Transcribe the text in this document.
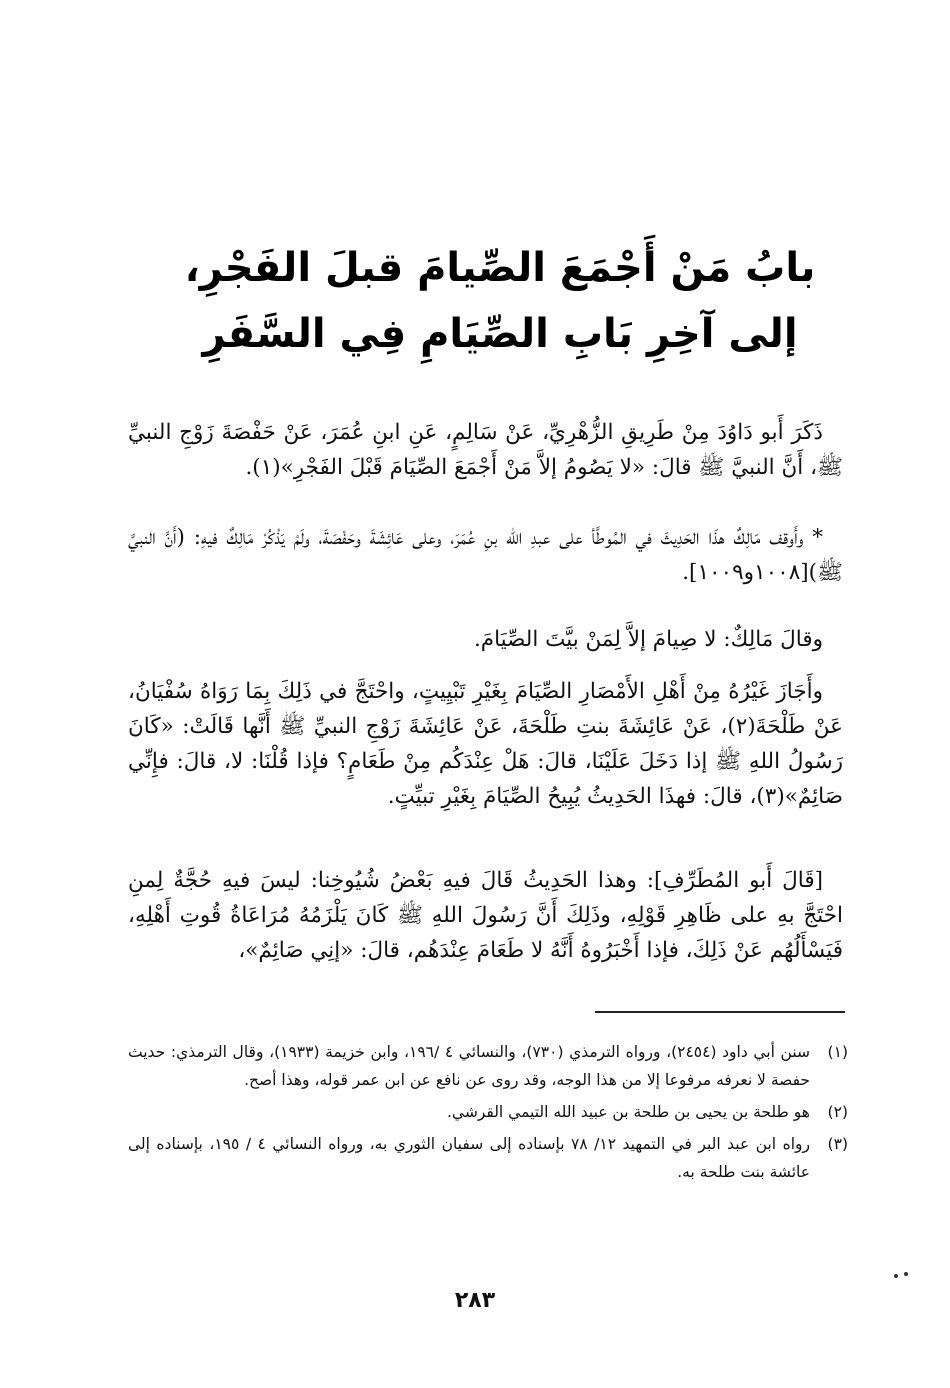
بابُ مَنْ أَجْمَعَ الصِّيامَ قبلَ الفَجْرِ،
إلى آخِرِ بَابِ الصِّيَامِ فِي السَّفَرِ

ذَكَرَ أَبو دَاوُدَ مِنْ طَرِيقِ الزُّهْرِيِّ، عَنْ سَالِمٍ، عَنِ ابنِ عُمَرَ، عَنْ حَفْصَةَ زَوْجِ النبيِّ ﷺ، أَنَّ النبيَّ ﷺ قالَ: «لا يَصُومُ إلاَّ مَنْ أَجْمَعَ الصِّيَامَ قَبْلَ الفَجْرِ»(١).

* وأَوقف مَالِكٌ هذَا الحَدِيثَ في المُوطَّأ على عبدِ الله بنِ عُمَرَ، وعلى عَائِشَةَ وحَفْصَةَ، ولَمْ يَذْكُرْ مَالِكٌ فيهِ: (أَنَّ النبيَّ ﷺ)[١٠٠٨و١٠٠٩].

وقالَ مَالِكٌ: لا صِيامَ إلاَّ لِمَنْ بيَّتَ الصِّيَامَ.

وأَجَازَ غَيْرُهُ مِنْ أَهْلِ الأَمْصَارِ الصِّيَامَ بِغَيْرِ تَبْيِيتٍ، واحْتَجَّ في ذَلِكَ بِمَا رَوَاهُ سُفْيَانُ، عَنْ طَلْحَةَ(٢)، عَنْ عَائِشَةَ بنتِ طَلْحَةَ، عَنْ عَائِشَةَ زَوْجِ النبيِّ ﷺ أَنَّها قَالَتْ: «كَانَ رَسُولُ اللهِ ﷺ إذا دَخَلَ عَلَيْنَا، قالَ: هَلْ عِنْدَكُم مِنْ طَعَامٍ؟ فإذا قُلْنَا: لا، قالَ: فإِنِّي صَائِمٌ»(٣)، قالَ: فهذَا الحَدِيثُ يُبِيحُ الصِّيَامَ بِغَيْرِ تبيِّتٍ.

[قَالَ أَبو المُطَرِّفِ]: وهذا الحَدِيثُ قَالَ فيهِ بَعْضُ شُيُوخِنا: ليسَ فيهِ حُجَّةٌ لِمنِ احْتَجَّ بهِ على ظَاهِرِ قَوْلِهِ، وذَلِكَ أَنَّ رَسُولَ اللهِ ﷺ كَانَ يَلْزَمُهُ مُرَاعَاةُ قُوتِ أَهْلِهِ، فَيَسْأَلُهُم عَنْ ذَلِكَ، فإذا أَخْبَرُوهُ أَنَّهُ لا طَعَامَ عِنْدَهُم، قالَ: «إنِي صَائِمٌ»،

(١)
سنن أبي داود (٢٤٥٤)، ورواه الترمذي (٧٣٠)، والنسائي ٤ /١٩٦، وابن خزيمة (١٩٣٣)، وقال الترمذي: حديث حفصة لا نعرفه مرفوعا إلا من هذا الوجه، وقد روى عن نافع عن ابن عمر قوله، وهذا أصح.
(٢)
هو طلحة بن يحيى بن طلحة بن عبيد الله التيمي القرشي.
(٣)
رواه ابن عبد البر في التمهيد ١٢/ ٧٨ بإسناده إلى سفيان الثوري به، ورواه النسائي ٤ / ١٩٥، بإسناده إلى عائشة بنت طلحة به.
٢٨٣
